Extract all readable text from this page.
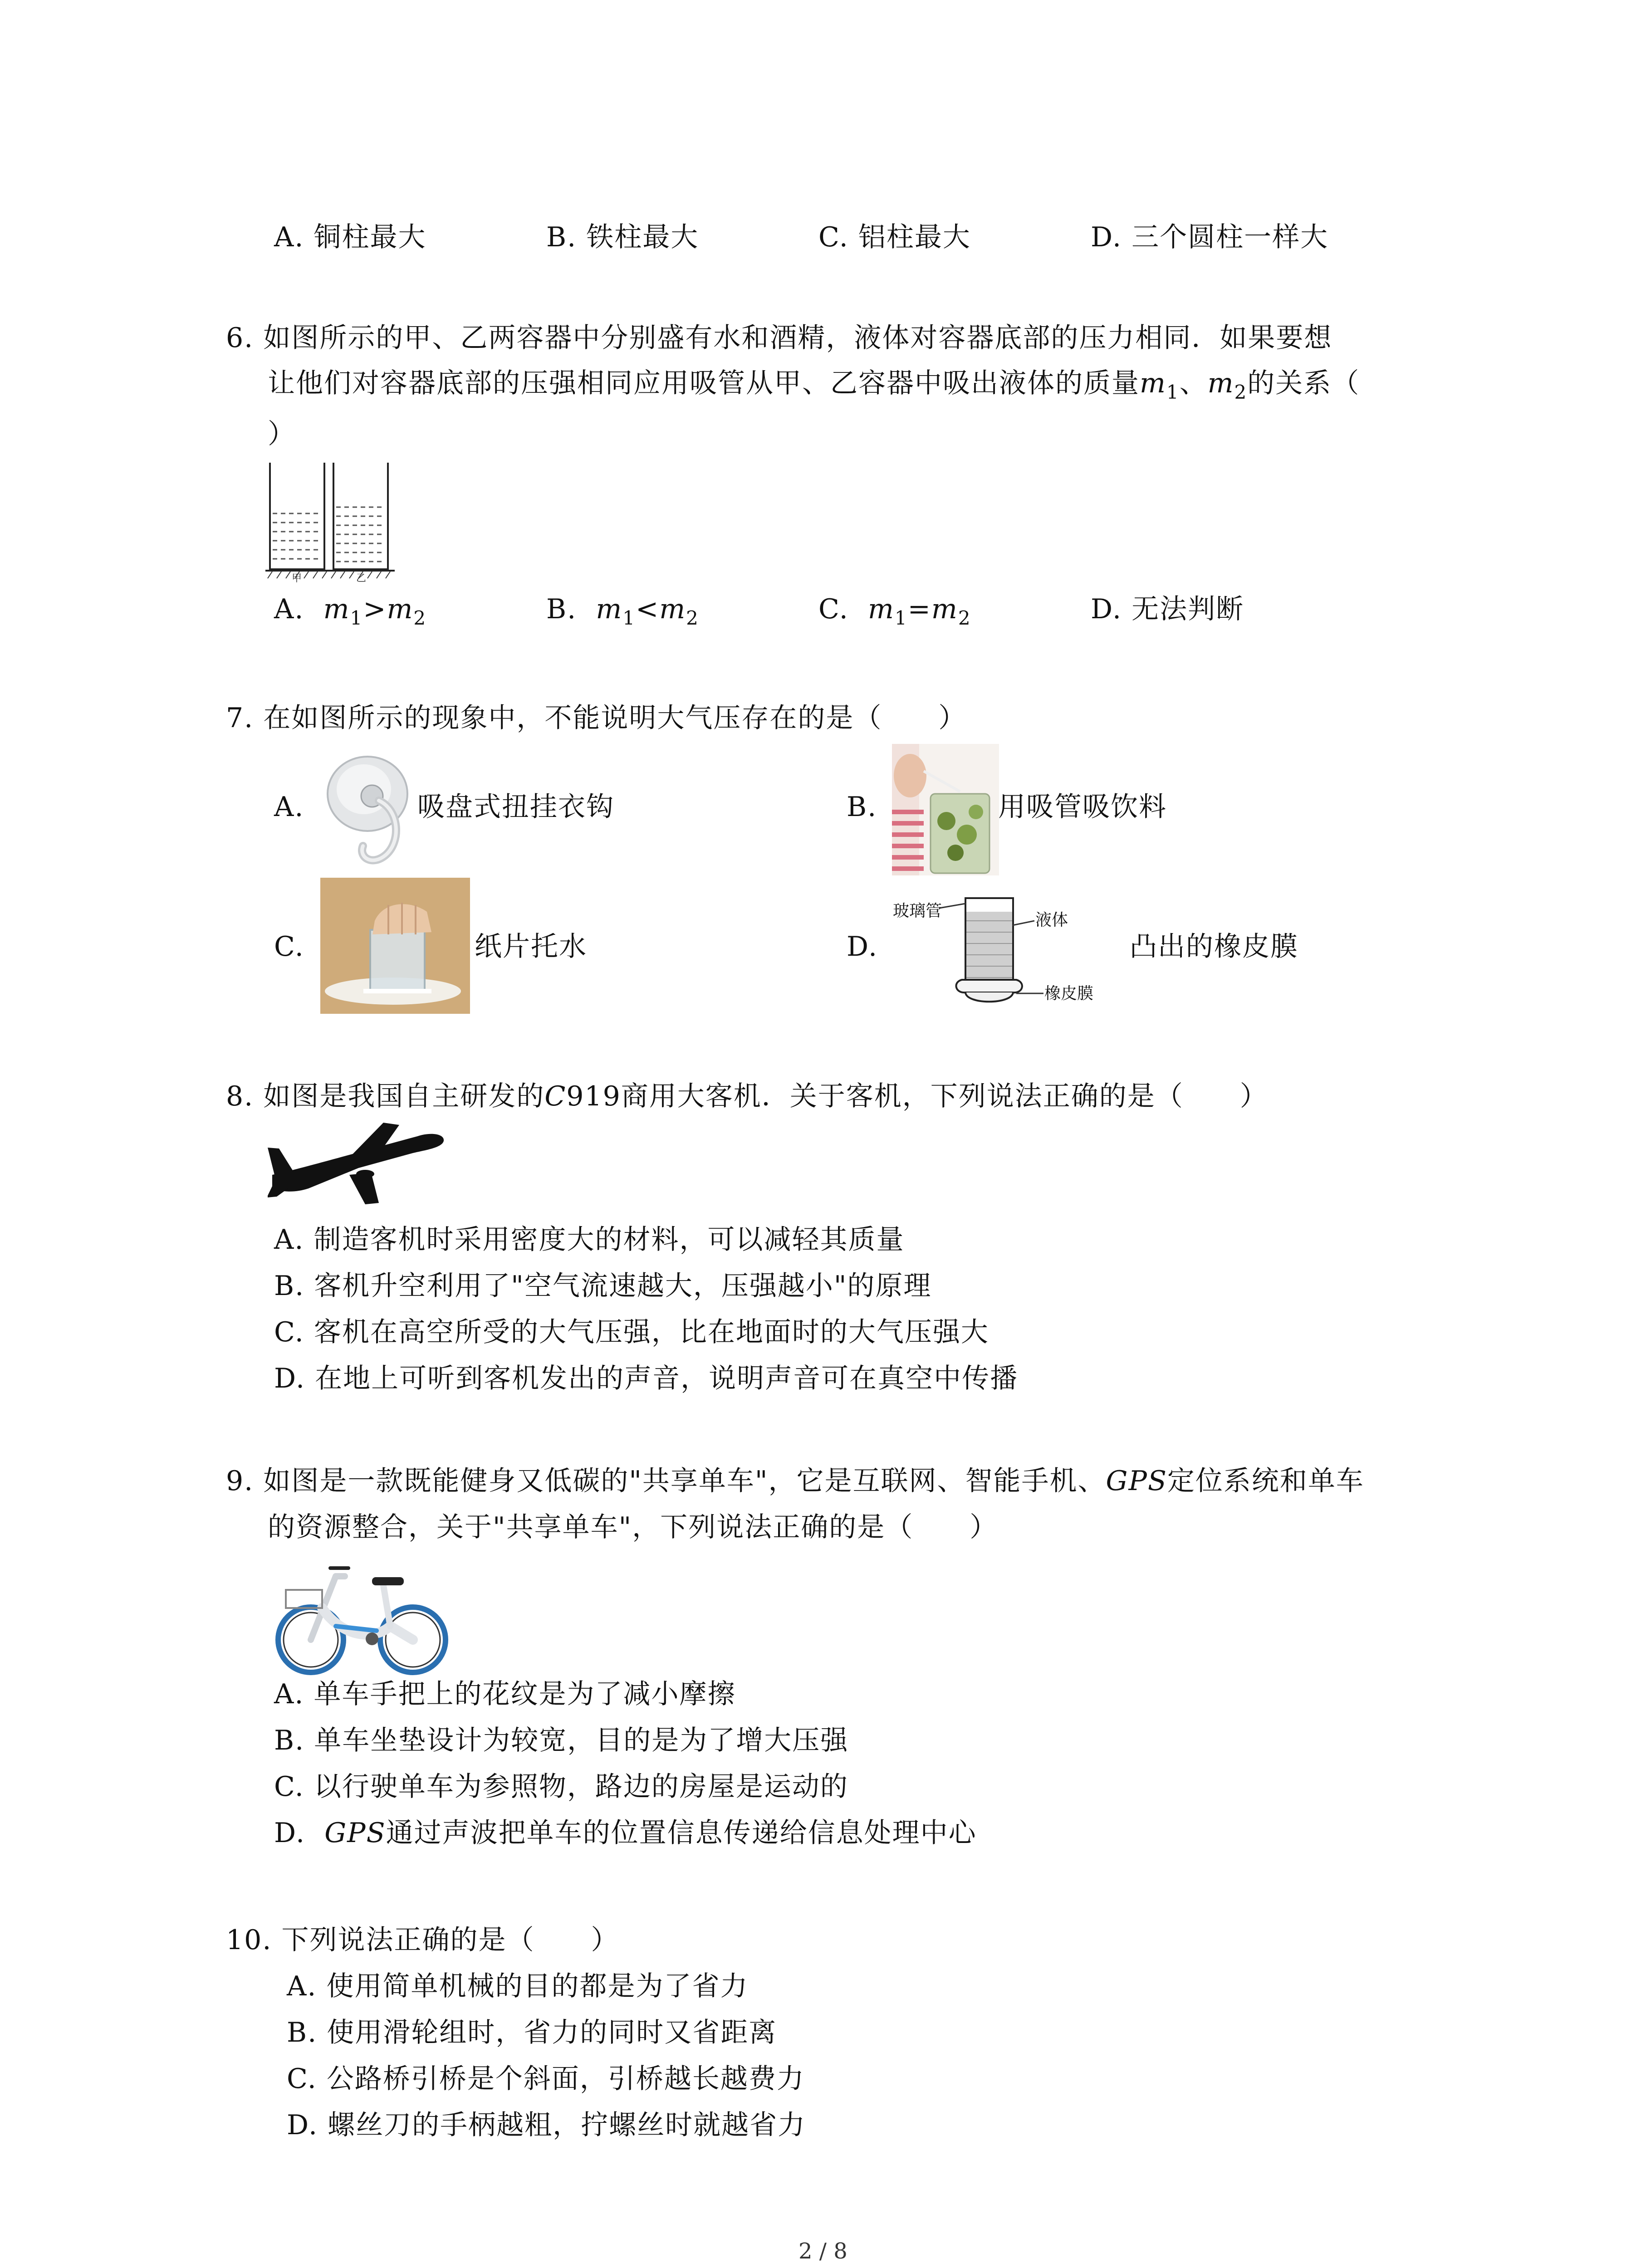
A. 铜柱最大	B. 铁柱最大	C. 铝柱最大	D. 三个圆柱一样大
6. 如图所示的甲、乙两容器中分别盛有水和酒精，液体对容器底部的压力相同．如果要想
让他们对容器底部的压强相同应用吸管从甲、乙容器中吸出液体的质量$m_1$、$m_2$的关系（
）
甲	乙
A. $m_1>m_2$	B. $m_1<m_2$	C. $m_1=m_2$	D. 无法判断
7. 在如图所示的现象中，不能说明大气压存在的是（　　）
A.	吸盘式扭挂衣钩	B.	用吸管吸饮料
C.	纸片托水	D.
玻璃管	液体
橡皮膜
凸出的橡皮膜
8. 如图是我国自主研发的C919商用大客机．关于客机，下列说法正确的是（　　）
A. 制造客机时采用密度大的材料，可以减轻其质量
B. 客机升空利用了"空气流速越大，压强越小"的原理
C. 客机在高空所受的大气压强，比在地面时的大气压强大
D. 在地上可听到客机发出的声音，说明声音可在真空中传播
9. 如图是一款既能健身又低碳的"共享单车"，它是互联网、智能手机、GPS定位系统和单车
的资源整合，关于"共享单车"，下列说法正确的是（　　）
A. 单车手把上的花纹是为了减小摩擦
B. 单车坐垫设计为较宽，目的是为了增大压强
C. 以行驶单车为参照物，路边的房屋是运动的
D. GPS通过声波把单车的位置信息传递给信息处理中心
10. 下列说法正确的是（　　）
A. 使用简单机械的目的都是为了省力
B. 使用滑轮组时，省力的同时又省距离
C. 公路桥引桥是个斜面，引桥越长越费力
D. 螺丝刀的手柄越粗，拧螺丝时就越省力
2 / 8
